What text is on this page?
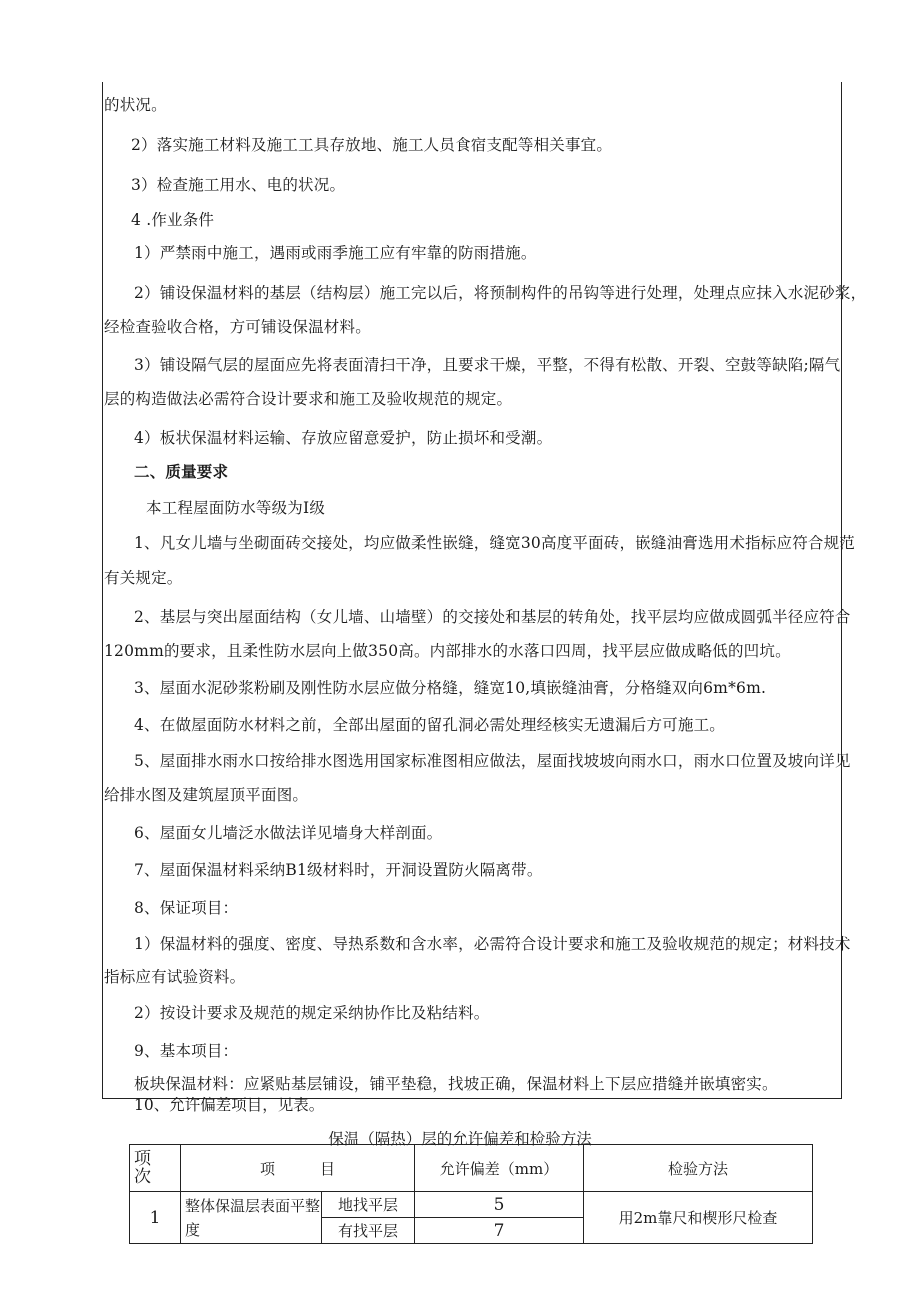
的状况。
2）落实施工材料及施工工具存放地、施工人员食宿支配等相关事宜。
3）检查施工用水、电的状况。
4 .作业条件
1）严禁雨中施工，遇雨或雨季施工应有牢靠的防雨措施。
2）铺设保温材料的基层（结构层）施工完以后，将预制构件的吊钩等进行处理，处理点应抹入水泥砂浆，
经检查验收合格，方可铺设保温材料。
3）铺设隔气层的屋面应先将表面清扫干净，且要求干燥，平整，不得有松散、开裂、空鼓等缺陷;隔气
层的构造做法必需符合设计要求和施工及验收规范的规定。
4）板状保温材料运输、存放应留意爱护，防止损坏和受潮。
二、质量要求
本工程屋面防水等级为I级
1、凡女儿墙与坐砌面砖交接处，均应做柔性嵌缝，缝宽30高度平面砖，嵌缝油膏选用术指标应符合规范
有关规定。
2、基层与突出屋面结构（女儿墙、山墙壁）的交接处和基层的转角处，找平层均应做成圆弧半径应符合
120mm的要求，且柔性防水层向上做350高。内部排水的水落口四周，找平层应做成略低的凹坑。
3、屋面水泥砂浆粉刷及刚性防水层应做分格缝，缝宽10,填嵌缝油膏，分格缝双向6m*6m.
4、在做屋面防水材料之前，全部出屋面的留孔洞必需处理经核实无遗漏后方可施工。
5、屋面排水雨水口按给排水图选用国家标准图相应做法，屋面找坡坡向雨水口，雨水口位置及坡向详见
给排水图及建筑屋顶平面图。
6、屋面女儿墙泛水做法详见墙身大样剖面。
7、屋面保温材料采纳B1级材料时，开洞设置防火隔离带。
8、保证项目：
1）保温材料的强度、密度、导热系数和含水率，必需符合设计要求和施工及验收规范的规定；材料技术
指标应有试验资料。
2）按设计要求及规范的规定采纳协作比及粘结料。
9、基本项目：
板块保温材料：应紧贴基层铺设，铺平垫稳，找坡正确，保温材料上下层应措缝并嵌填密实。
10、允许偏差项目，见表。
保温（隔热）层的允许偏差和检验方法
项
次	项　　　目		允许偏差（mm）	检验方法
1	整体保温层表面平整度	地找平层	5	用2m靠尺和楔形尺检查
		有找平层	7	
